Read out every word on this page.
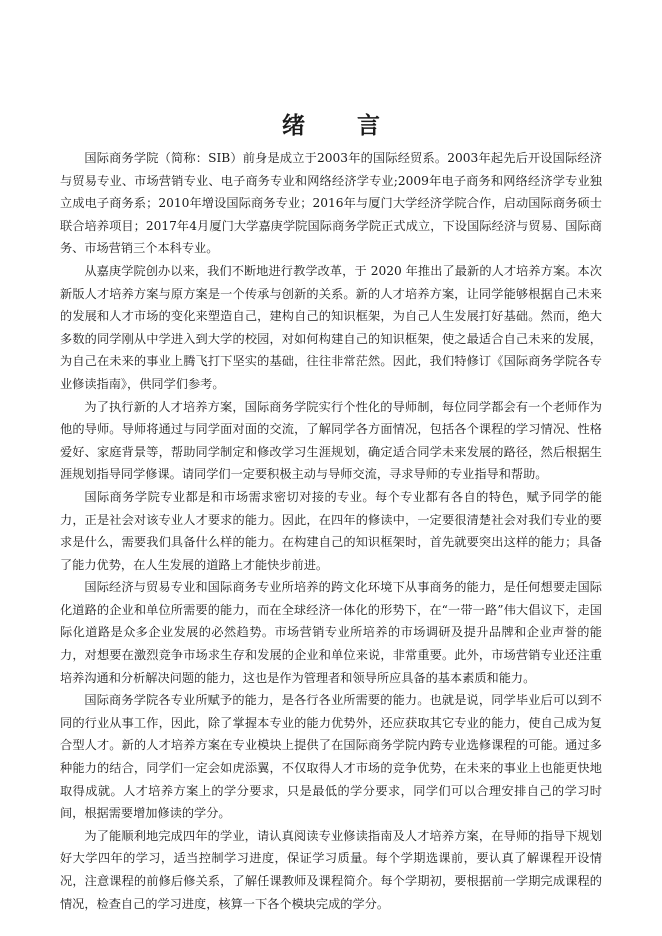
绪 言

国际商务学院（简称：SIB）前身是成立于2003年的国际经贸系。2003年起先后开设国际经济与贸易专业、市场营销专业、电子商务专业和网络经济学专业;2009年电子商务和网络经济学专业独立成电子商务系；2010年增设国际商务专业；2016年与厦门大学经济学院合作，启动国际商务硕士联合培养项目；2017年4月厦门大学嘉庚学院国际商务学院正式成立，下设国际经济与贸易、国际商务、市场营销三个本科专业。

从嘉庚学院创办以来，我们不断地进行教学改革，于 2020 年推出了最新的人才培养方案。本次新版人才培养方案与原方案是一个传承与创新的关系。新的人才培养方案，让同学能够根据自己未来的发展和人才市场的变化来塑造自己，建构自己的知识框架，为自己人生发展打好基础。然而，绝大多数的同学刚从中学进入到大学的校园，对如何构建自己的知识框架，使之最适合自己未来的发展，为自己在未来的事业上腾飞打下坚实的基础，往往非常茫然。因此，我们特修订《国际商务学院各专业修读指南》，供同学们参考。

为了执行新的人才培养方案，国际商务学院实行个性化的导师制，每位同学都会有一个老师作为他的导师。导师将通过与同学面对面的交流，了解同学各方面情况，包括各个课程的学习情况、性格爱好、家庭背景等，帮助同学制定和修改学习生涯规划，确定适合同学未来发展的路径，然后根据生涯规划指导同学修课。请同学们一定要积极主动与导师交流，寻求导师的专业指导和帮助。

国际商务学院专业都是和市场需求密切对接的专业。每个专业都有各自的特色，赋予同学的能力，正是社会对该专业人才要求的能力。因此，在四年的修读中，一定要很清楚社会对我们专业的要求是什么，需要我们具备什么样的能力。在构建自己的知识框架时，首先就要突出这样的能力；具备了能力优势，在人生发展的道路上才能快步前进。

国际经济与贸易专业和国际商务专业所培养的跨文化环境下从事商务的能力，是任何想要走国际化道路的企业和单位所需要的能力，而在全球经济一体化的形势下，在“一带一路”伟大倡议下，走国际化道路是众多企业发展的必然趋势。市场营销专业所培养的市场调研及提升品牌和企业声誉的能力，对想要在激烈竞争市场求生存和发展的企业和单位来说，非常重要。此外，市场营销专业还注重培养沟通和分析解决问题的能力，这也是作为管理者和领导所应具备的基本素质和能力。

国际商务学院各专业所赋予的能力，是各行各业所需要的能力。也就是说，同学毕业后可以到不同的行业从事工作，因此，除了掌握本专业的能力优势外，还应获取其它专业的能力，使自己成为复合型人才。新的人才培养方案在专业模块上提供了在国际商务学院内跨专业选修课程的可能。通过多种能力的结合，同学们一定会如虎添翼，不仅取得人才市场的竞争优势，在未来的事业上也能更快地取得成就。人才培养方案上的学分要求，只是最低的学分要求，同学们可以合理安排自己的学习时间，根据需要增加修读的学分。

为了能顺利地完成四年的学业，请认真阅读专业修读指南及人才培养方案，在导师的指导下规划好大学四年的学习，适当控制学习进度，保证学习质量。每个学期选课前，要认真了解课程开设情况，注意课程的前修后修关系，了解任课教师及课程简介。每个学期初，要根据前一学期完成课程的情况，检查自己的学习进度，核算一下各个模块完成的学分。
